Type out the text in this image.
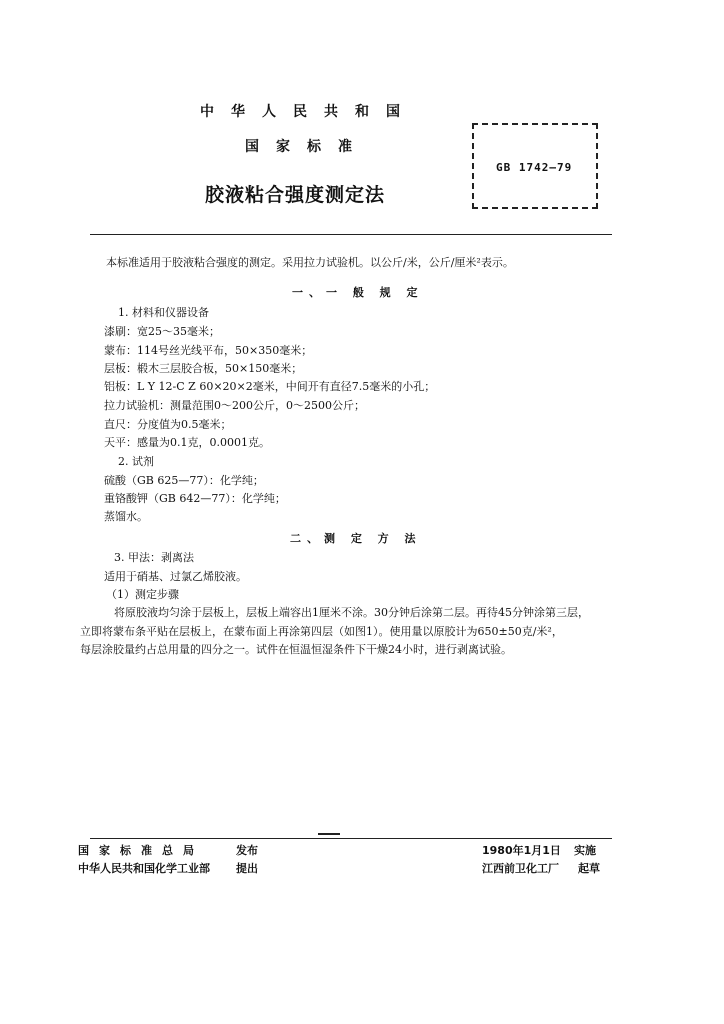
中华人民共和国
国家标准
胶液粘合强度测定法
GB 1742—79
本标准适用于胶液粘合强度的测定。采用拉力试验机。以公斤/米，公斤/厘米²表示。
一、一 般 规 定
1. 材料和仪器设备
漆刷：宽25～35毫米；
蒙布：114号丝光线平布，50×350毫米；
层板：椴木三层胶合板，50×150毫米；
铝板：L Y 12-C Z 60×20×2毫米，中间开有直径7.5毫米的小孔；
拉力试验机：测量范围0～200公斤，0～2500公斤；
直尺：分度值为0.5毫米；
天平：感量为0.1克，0.0001克。
2. 试剂
硫酸（GB 625—77）：化学纯；
重铬酸钾（GB 642—77）：化学纯；
蒸馏水。
二、测 定 方 法
3. 甲法：剥离法
适用于硝基、过氯乙烯胶液。
（1）测定步骤
将原胶液均匀涂于层板上，层板上端容出1厘米不涂。30分钟后涂第二层。再待45分钟涂第三层，
立即将蒙布条平贴在层板上，在蒙布面上再涂第四层（如图1）。使用量以原胶计为650±50克/米²，
每层涂胶量约占总用量的四分之一。试件在恒温恒湿条件下干燥24小时，进行剥离试验。
国家标准总局	发布
中华人民共和国化学工业部 提出
1980年1月1日 实施
江西前卫化工厂 起草
